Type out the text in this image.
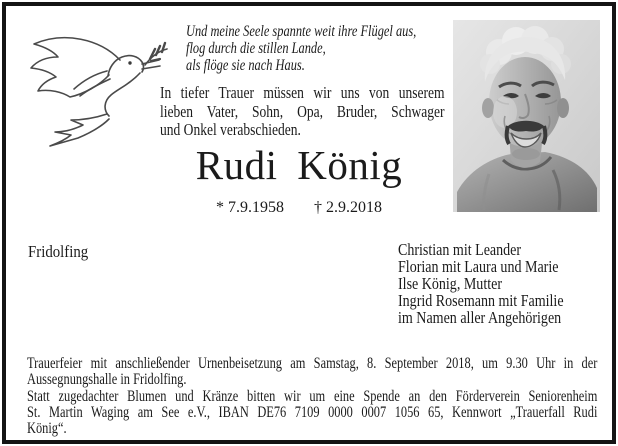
Und meine Seele spannte weit ihre Flügel aus,
flog durch die stillen Lande,
als flöge sie nach Haus.
In tiefer Trauer müssen wir uns von unserem
lieben Vater, Sohn, Opa, Bruder, Schwager
und Onkel verabschieden.
Rudi König
* 7.9.1958 † 2.9.2018
Fridolfing	Christian mit Leander
Florian mit Laura und Marie
Ilse König, Mutter
Ingrid Rosemann mit Familie
im Namen aller Angehörigen
Trauerfeier mit anschließender Urnenbeisetzung am Samstag, 8. September 2018, um 9.30 Uhr in der
Aussegnungshalle in Fridolfing.
Statt zugedachter Blumen und Kränze bitten wir um eine Spende an den Förderverein Seniorenheim
St. Martin Waging am See e.V., IBAN DE76 7109 0000 0007 1056 65, Kennwort „Trauerfall Rudi
König“.
